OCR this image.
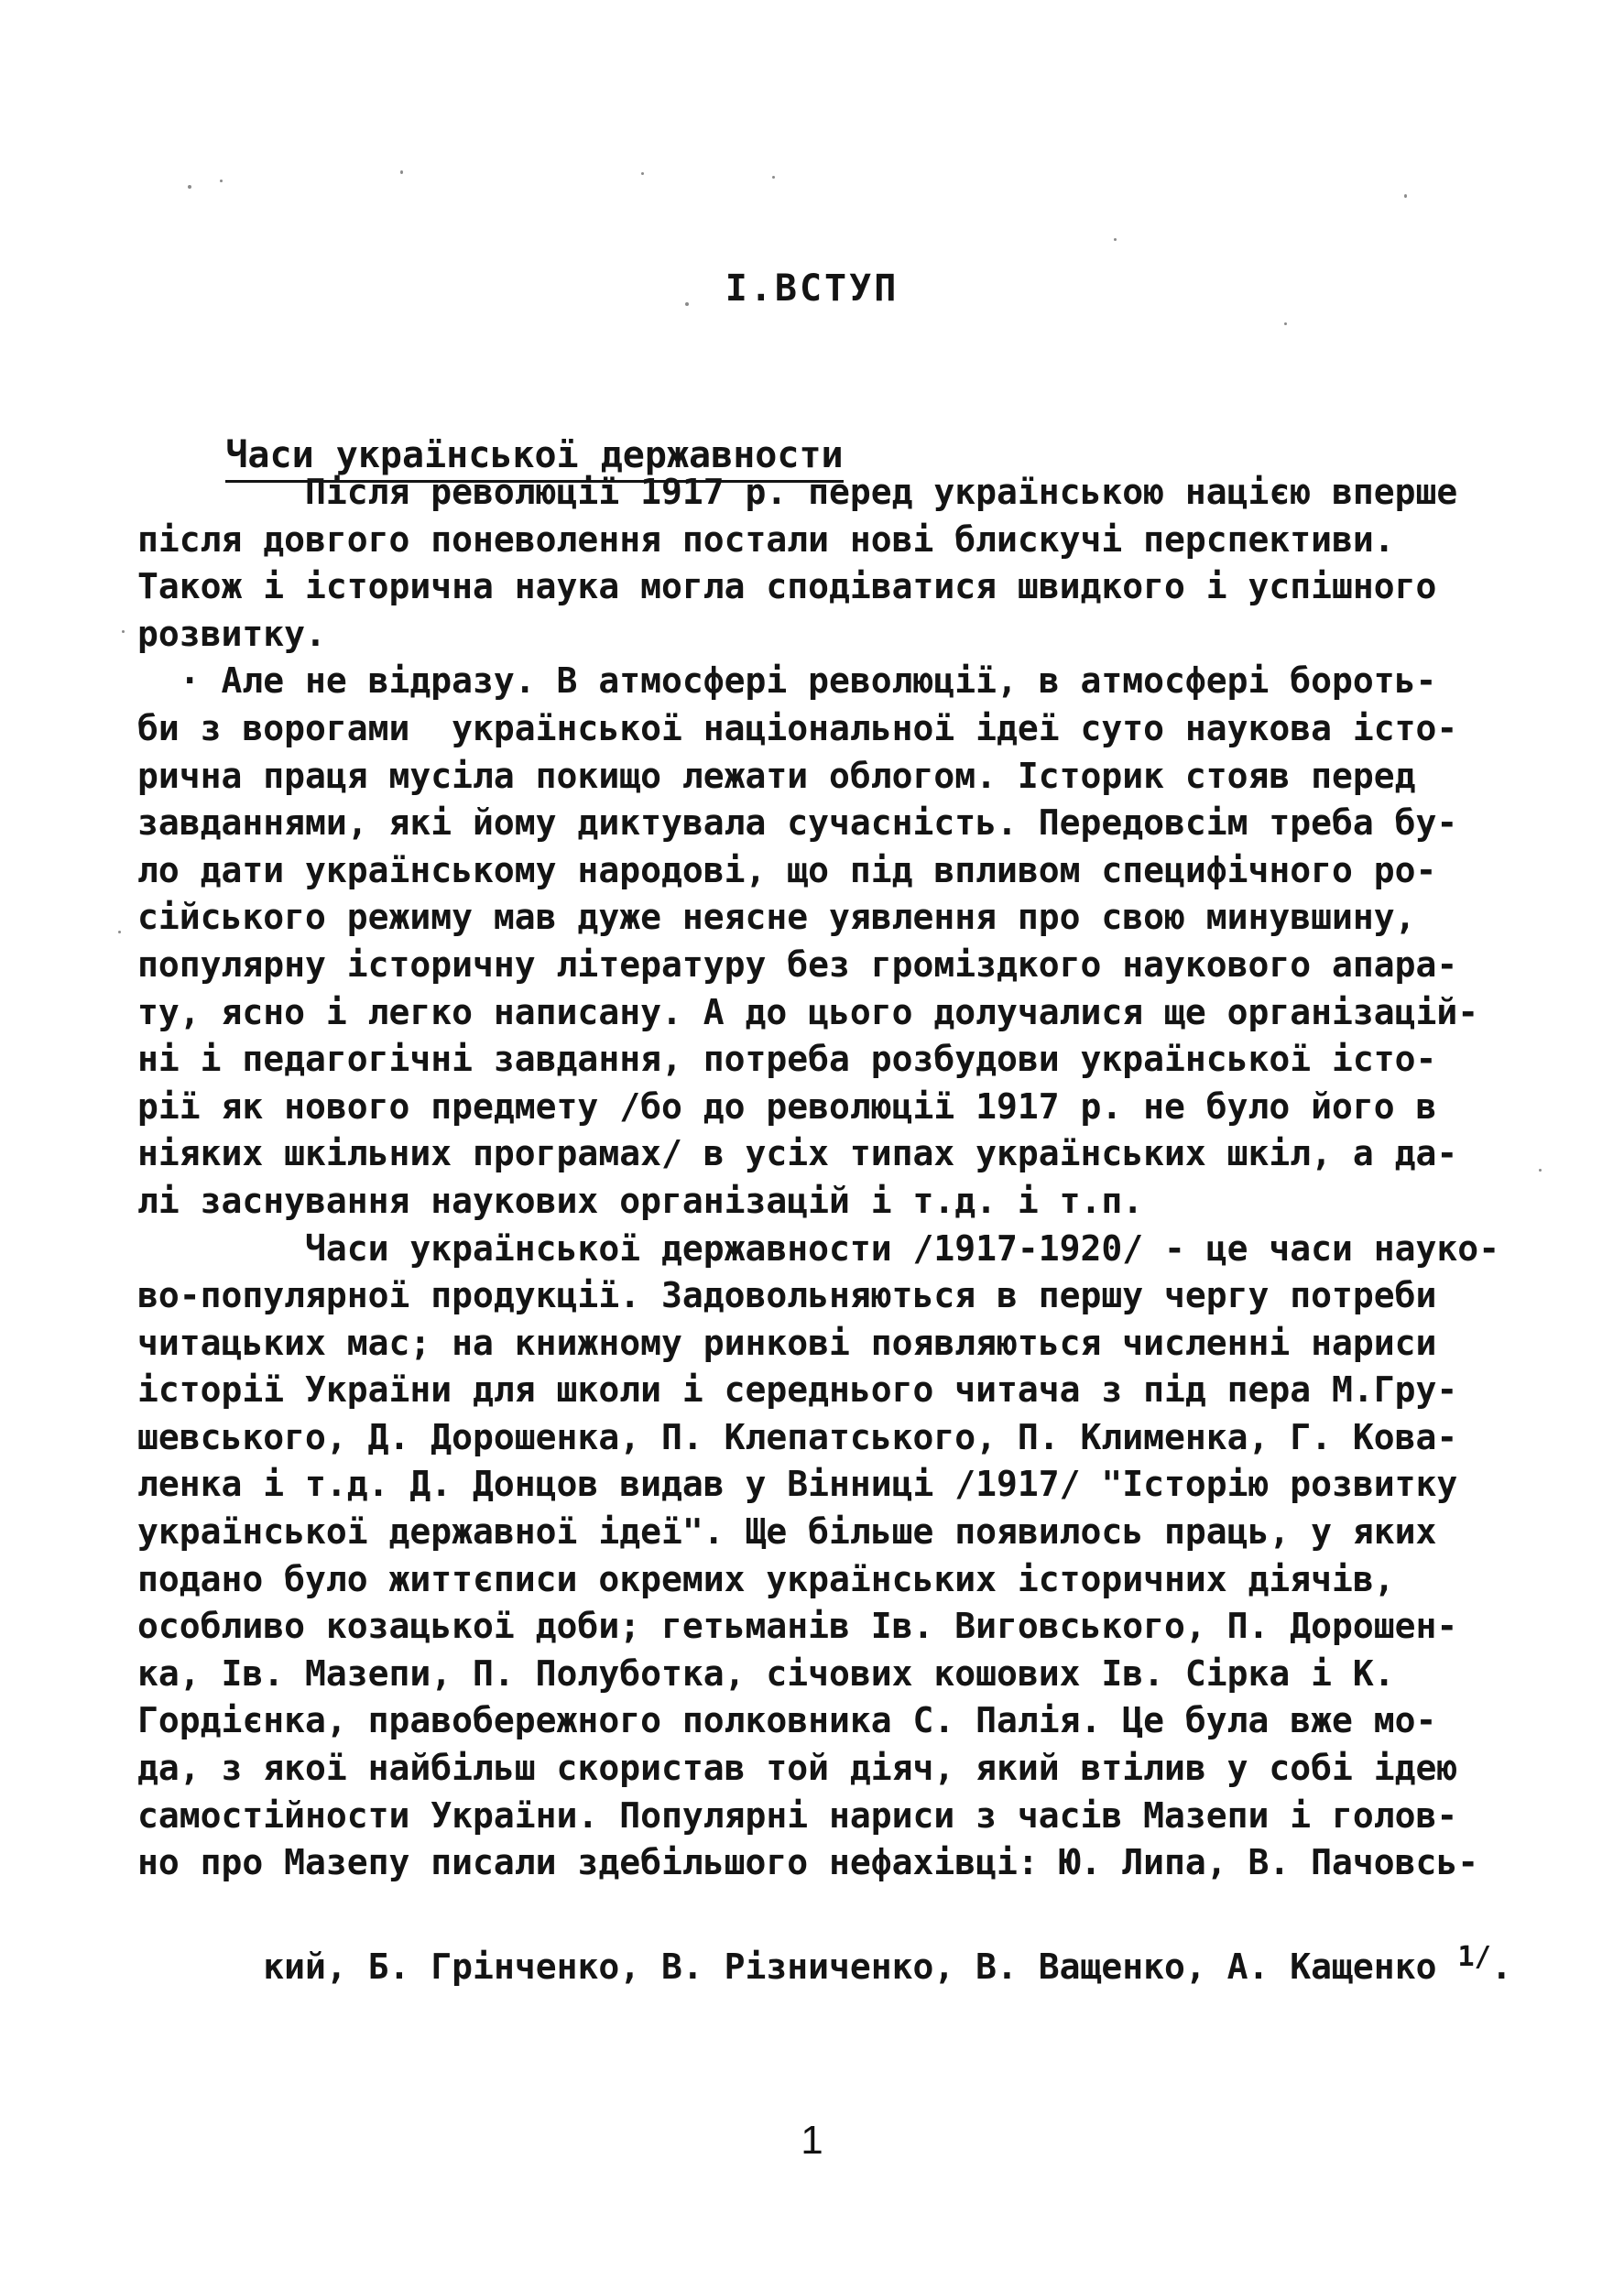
І.ВСТУП

Часи української державности

Після революції 1917 р. перед українською нацією вперше
після довгого поневолення постали нові блискучі перспективи.
Також і історична наука могла сподіватися швидкого і успішного
розвитку.
· Але не відразу. В атмосфері революції, в атмосфері бороть-
би з ворогами  української національної ідеї суто наукова істо-
рична праця мусіла покищо лежати облогом. Історик стояв перед
завданнями, які йому диктувала сучасність. Передовсім треба бу-
ло дати українському народові, що під впливом специфічного ро-
сійського режиму мав дуже неясне уявлення про свою минувшину,
популярну історичну літературу без громіздкого наукового апара-
ту, ясно і легко написану. А до цього долучалися ще організацій-
ні і педагогічні завдання, потреба розбудови української істо-
рії як нового предмету /бо до революції 1917 р. не було його в
ніяких шкільних програмах/ в усіх типах українських шкіл, а да-
лі заснування наукових організацій і т.д. і т.п.
Часи української державности /1917-1920/ - це часи науко-
во-популярної продукції. Задовольняються в першу чергу потреби
читацьких мас; на книжному ринкові появляються численні нариси
історії України для школи і середнього читача з під пера М.Гру-
шевського, Д. Дорошенка, П. Клепатського, П. Клименка, Г. Кова-
ленка і т.д. Д. Донцов видав у Вінниці /1917/ "Історію розвитку
української державної ідеї". Ще більше появилось праць, у яких
подано було життєписи окремих українських історичних діячів,
особливо козацької доби; гетьманів Ів. Виговського, П. Дорошен-
ка, Ів. Мазепи, П. Полуботка, січових кошових Ів. Сірка і К.
Гордієнка, правобережного полковника С. Палія. Це була вже мо-
да, з якої найбільш скористав той діяч, який втілив у собі ідею
самостійности України. Популярні нариси з часів Мазепи і голов-
но про Мазепу писали здебільшого нефахівці: Ю. Липа, В. Пачовсь-

кий, Б. Грінченко, В. Різниченко, В. Ващенко, А. Кащенко $^{1/}$.

1
